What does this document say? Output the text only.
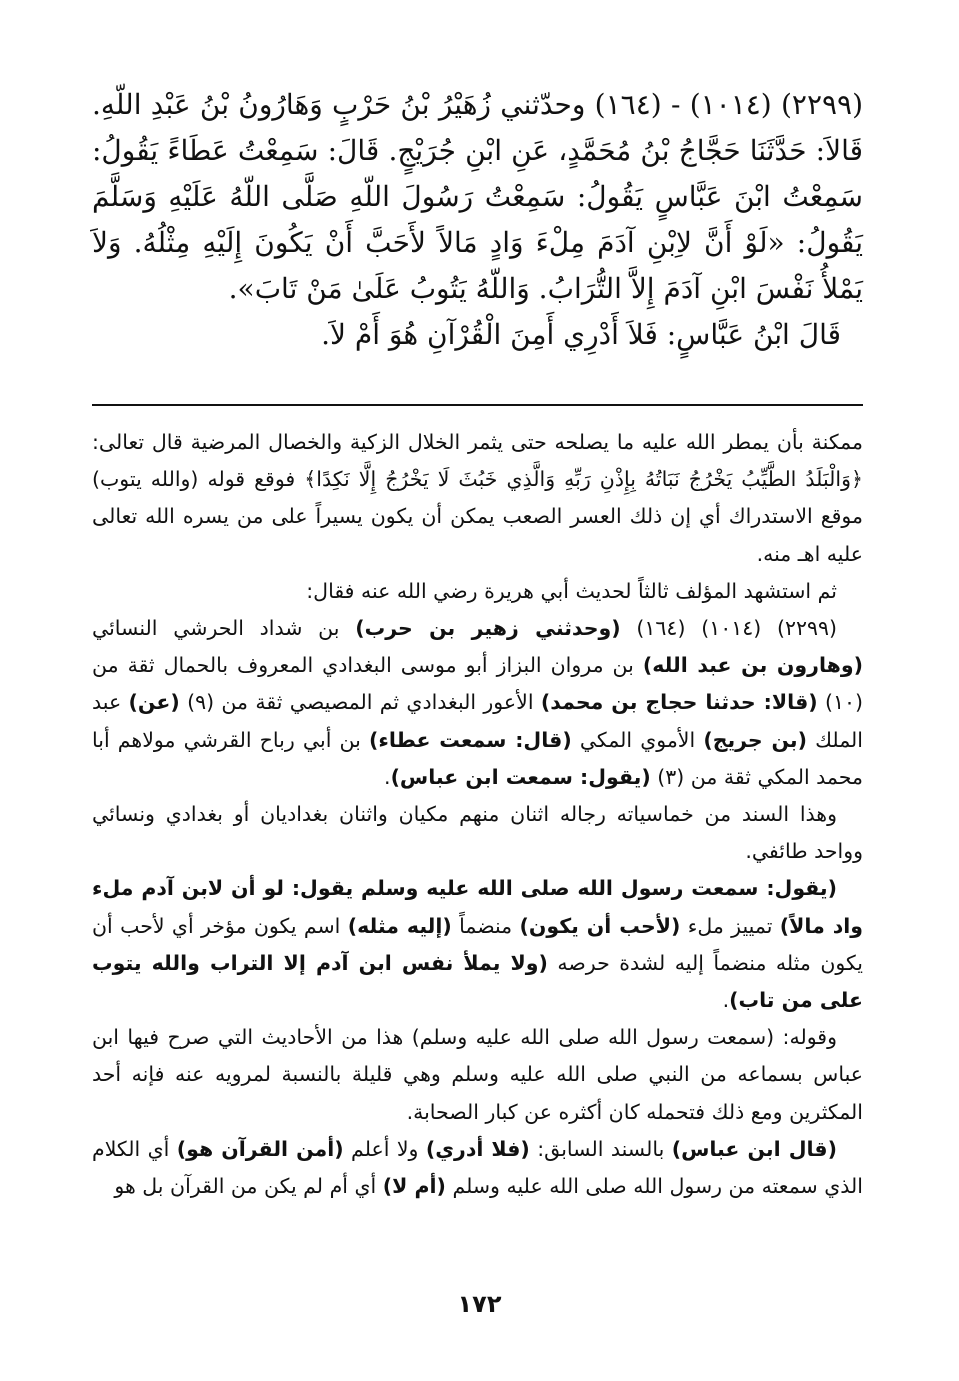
(٢٢٩٩) (١٠١٤) - (١٦٤) وحدّثني زُهَيْرُ بْنُ حَرْبٍ وَهَارُونُ بْنُ عَبْدِ اللّهِ. قَالاَ: حَدَّثَنَا حَجَّاجُ بْنُ مُحَمَّدٍ، عَنِ ابْنِ جُرَيْجٍ. قَالَ: سَمِعْتُ عَطَاءً يَقُولُ: سَمِعْتُ ابْنَ عَبَّاسٍ يَقُولُ: سَمِعْتُ رَسُولَ اللّهِ صَلَّى اللّهُ عَلَيْهِ وَسَلَّمَ يَقُولُ: «لَوْ أَنَّ لاِبْنِ آدَمَ مِلْءَ وَادٍ مَالاً لأَحَبَّ أَنْ يَكُونَ إِلَيْهِ مِثْلُهُ. وَلاَ يَمْلأُ نَفْسَ ابْنِ آدَمَ إِلاَّ التُّرَابُ. وَاللّهُ يَتُوبُ عَلَىٰ مَنْ تَابَ».

قَالَ ابْنُ عَبَّاسٍ: فَلاَ أَدْرِي أَمِنَ الْقُرْآنِ هُوَ أَمْ لاَ.

ممكنة بأن يمطر الله عليه ما يصلحه حتى يثمر الخلال الزكية والخصال المرضية قال تعالى: ﴿وَالْبَلَدُ الطَّيِّبُ يَخْرُجُ نَبَاتُهُ بِإِذْنِ رَبِّهِ وَالَّذِي خَبُثَ لَا يَخْرُجُ إِلَّا نَكِدًا﴾ فوقع قوله (والله يتوب) موقع الاستدراك أي إن ذلك العسر الصعب يمكن أن يكون يسيراً على من يسره الله تعالى عليه اهـ منه.

ثم استشهد المؤلف ثالثاً لحديث أبي هريرة رضي الله عنه فقال:

(٢٢٩٩) (١٠١٤) (١٦٤) (وحدثني زهير بن حرب) بن شداد الحرشي النسائي (وهارون بن عبد الله) بن مروان البزاز أبو موسى البغدادي المعروف بالحمال ثقة من (١٠) (قالا: حدثنا حجاج بن محمد) الأعور البغدادي ثم المصيصي ثقة من (٩) (عن) عبد الملك (بن جريج) الأموي المكي (قال: سمعت عطاء) بن أبي رباح القرشي مولاهم أبا محمد المكي ثقة من (٣) (يقول: سمعت ابن عباس).

وهذا السند من خماسياته رجاله اثنان منهم مكيان واثنان بغداديان أو بغدادي ونسائي وواحد طائفي.

(يقول: سمعت رسول الله صلى الله عليه وسلم يقول: لو أن لابن آدم ملء واد مالاً) تمييز ملء (لأحب أن يكون) منضماً (إليه مثله) اسم يكون مؤخر أي لأحب أن يكون مثله منضماً إليه لشدة حرصه (ولا يملأ نفس ابن آدم إلا التراب والله يتوب على من تاب).

وقوله: (سمعت رسول الله صلى الله عليه وسلم) هذا من الأحاديث التي صرح فيها ابن عباس بسماعه من النبي صلى الله عليه وسلم وهي قليلة بالنسبة لمرويه عنه فإنه أحد المكثرين ومع ذلك فتحمله كان أكثره عن كبار الصحابة.

(قال ابن عباس) بالسند السابق: (فلا أدري) ولا أعلم (أمن القرآن هو) أي الكلام الذي سمعته من رسول الله صلى الله عليه وسلم (أم لا) أي أم لم يكن من القرآن بل هو

١٧٢
